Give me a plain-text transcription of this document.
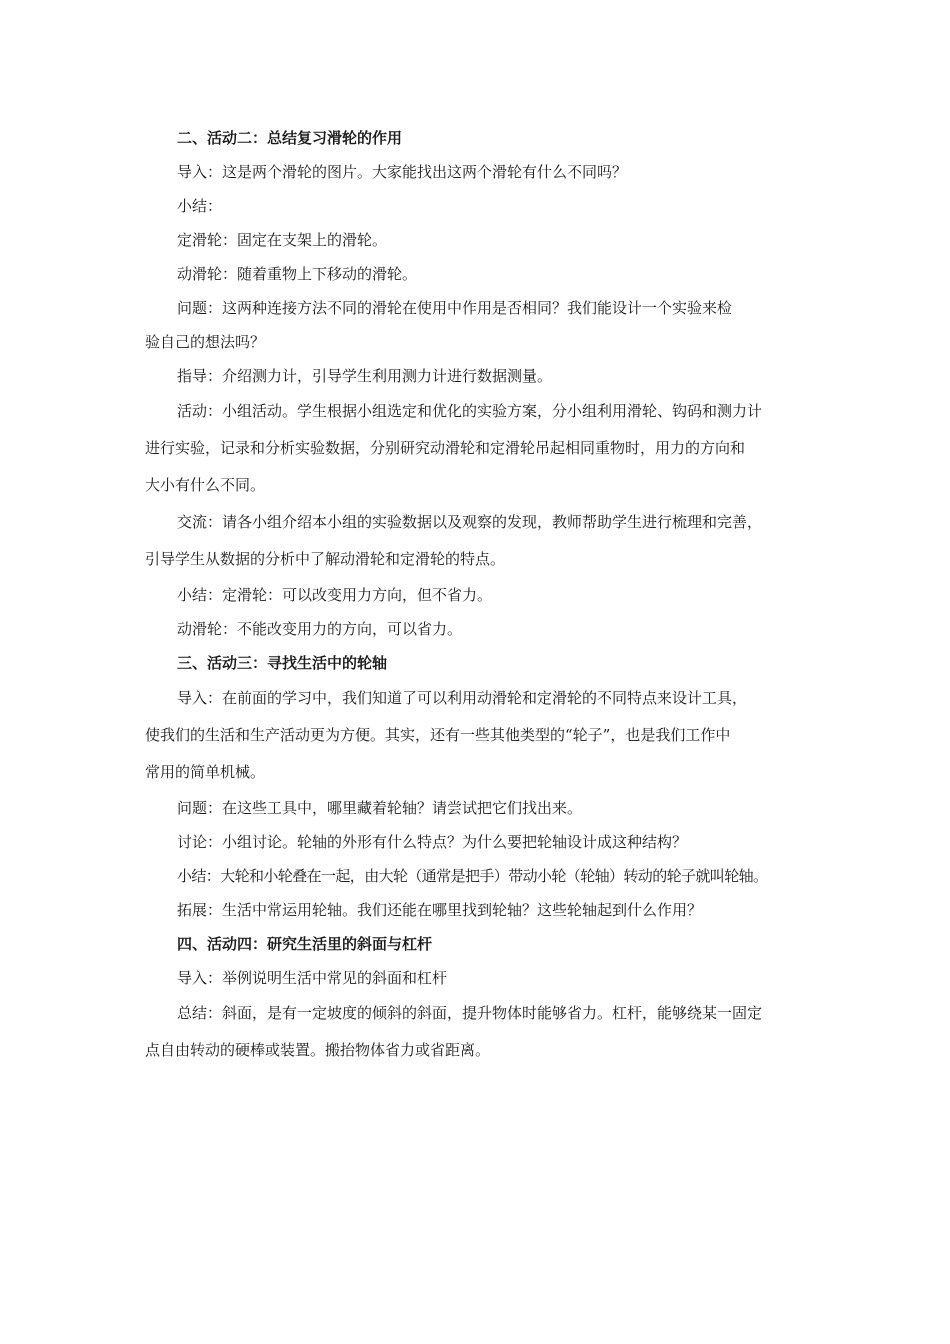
二、活动二：总结复习滑轮的作用

导入：这是两个滑轮的图片。大家能找出这两个滑轮有什么不同吗？

小结：

定滑轮：固定在支架上的滑轮。

动滑轮：随着重物上下移动的滑轮。

问题：这两种连接方法不同的滑轮在使用中作用是否相同？我们能设计一个实验来检

验自己的想法吗？

指导：介绍测力计，引导学生利用测力计进行数据测量。

活动：小组活动。学生根据小组选定和优化的实验方案，分小组利用滑轮、钩码和测力计

进行实验，记录和分析实验数据，分别研究动滑轮和定滑轮吊起相同重物时，用力的方向和

大小有什么不同。

交流：请各小组介绍本小组的实验数据以及观察的发现，教师帮助学生进行梳理和完善，

引导学生从数据的分析中了解动滑轮和定滑轮的特点。

小结：定滑轮：可以改变用力方向，但不省力。

动滑轮：不能改变用力的方向，可以省力。

三、活动三：寻找生活中的轮轴

导入：在前面的学习中，我们知道了可以利用动滑轮和定滑轮的不同特点来设计工具，

使我们的生活和生产活动更为方便。其实，还有一些其他类型的“轮子”，也是我们工作中

常用的简单机械。

问题：在这些工具中，哪里藏着轮轴？请尝试把它们找出来。

讨论：小组讨论。轮轴的外形有什么特点？为什么要把轮轴设计成这种结构？

小结：大轮和小轮叠在一起，由大轮（通常是把手）带动小轮（轮轴）转动的轮子就叫轮轴。

拓展：生活中常运用轮轴。我们还能在哪里找到轮轴？这些轮轴起到什么作用？

四、活动四：研究生活里的斜面与杠杆

导入：举例说明生活中常见的斜面和杠杆

总结：斜面，是有一定坡度的倾斜的斜面，提升物体时能够省力。杠杆，能够绕某一固定

点自由转动的硬棒或装置。搬抬物体省力或省距离。
